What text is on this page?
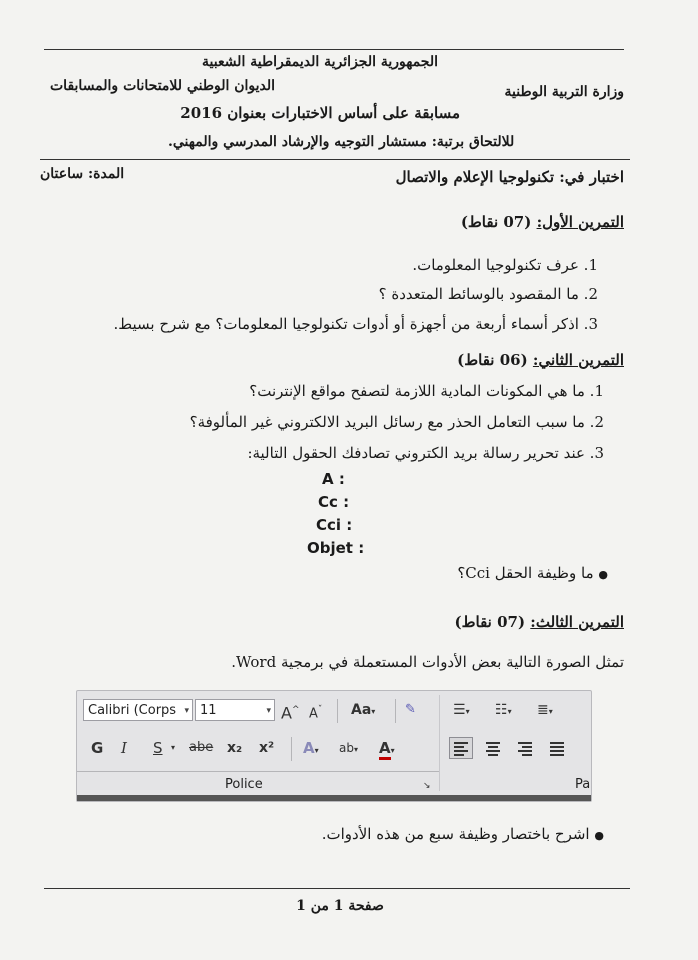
الجمهورية الجزائرية الديمقراطية الشعبية
وزارة التربية الوطنية
الديوان الوطني للامتحانات والمسابقات
مسابقة على أساس الاختبارات بعنوان 2016
للالتحاق برتبة: مستشار التوجيه والإرشاد المدرسي والمهني.
اختبار في: تكنولوجيا الإعلام والاتصال
المدة: ساعتان
التمرين الأول: (07 نقاط)
1. عرف تكنولوجيا المعلومات.
2. ما المقصود بالوسائط المتعددة ؟
3. اذكر أسماء أربعة من أجهزة أو أدوات تكنولوجيا المعلومات؟ مع شرح بسيط.
التمرين الثاني: (06 نقاط)
1. ما هي المكونات المادية اللازمة لتصفح مواقع الإنترنت؟
2. ما سبب التعامل الحذر مع رسائل البريد الالكتروني غير المألوفة؟
3. عند تحرير رسالة بريد الكتروني تصادفك الحقول التالية:
A :
Cc :
Cci :
Objet :
● ما وظيفة الحقل Cci؟
التمرين الثالث: (07 نقاط)
تمثل الصورة التالية بعض الأدوات المستعملة في برمجية Word.
Calibri (Corps ▾ 11	▾ A^ $A^ˇ$ Aa▾ ✎	☰▾ ☷▾ ≣▾
G I S ▾ abe x₂ x² A▾ ab▾ A▾
Police	↘	Pa
● اشرح باختصار وظيفة سبع من هذه الأدوات.
صفحة 1 من 1
